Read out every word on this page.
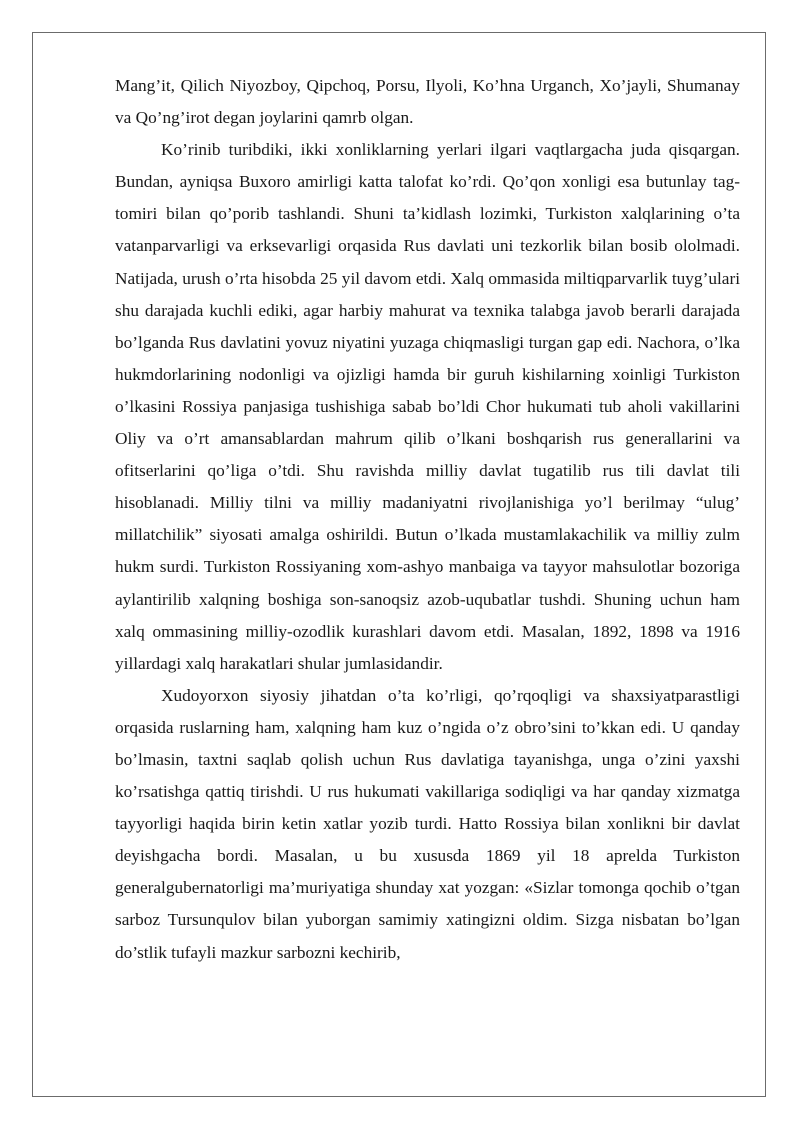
Mang’it, Qilich Niyozboy, Qipchoq, Porsu, Ilyoli, Ko’hna Urganch, Xo’jayli, Shumanay va Qo’ng’irot degan joylarini qamrb olgan.

Ko’rinib turibdiki, ikki xonliklarning yerlari ilgari vaqtlargacha juda qisqargan. Bundan, ayniqsa Buxoro amirligi katta talofat ko’rdi. Qo’qon xonligi esa butunlay tag-tomiri bilan qo’porib tashlandi. Shuni ta’kidlash lozimki, Turkiston xalqlarining o’ta vatanparvarligi va erksevarligi orqasida Rus davlati uni tezkorlik bilan bosib ololmadi. Natijada, urush o’rta hisobda 25 yil davom etdi. Xalq ommasida miltiqparvarlik tuyg’ulari shu darajada kuchli ediki, agar harbiy mahurat va texnika talabga javob berarli darajada bo’lganda Rus davlatini yovuz niyatini yuzaga chiqmasligi turgan gap edi. Nachora, o’lka hukmdorlarining nodonligi va ojizligi hamda bir guruh kishilarning xoinligi Turkiston o’lkasini Rossiya panjasiga tushishiga sabab bo’ldi Chor hukumati tub aholi vakillarini Oliy va o’rt amansablardan mahrum qilib o’lkani boshqarish rus generallarini va ofitserlarini qo’liga o’tdi. Shu ravishda milliy davlat tugatilib rus tili davlat tili hisoblanadi. Milliy tilni va milliy madaniyatni rivojlanishiga yo’l berilmay “ulug’ millatchilik” siyosati amalga oshirildi. Butun o’lkada mustamlakachilik va milliy zulm hukm surdi. Turkiston Rossiyaning xom-ashyo manbaiga va tayyor mahsulotlar bozoriga aylantirilib xalqning boshiga son-sanoqsiz azob-uqubatlar tushdi. Shuning uchun ham xalq ommasining milliy-ozodlik kurashlari davom etdi. Masalan, 1892, 1898 va 1916 yillardagi xalq harakatlari shular jumlasidandir.

Xudoyorxon siyosiy jihatdan o’ta ko’rligi, qo’rqoqligi va shaxsiyatparastligi orqasida ruslarning ham, xalqning ham kuz o’ngida o’z obro’sini to’kkan edi. U qanday bo’lmasin, taxtni saqlab qolish uchun Rus davlatiga tayanishga, unga o’zini yaxshi ko’rsatishga qattiq tirishdi. U rus hukumati vakillariga sodiqligi va har qanday xizmatga tayyorligi haqida birin ketin xatlar yozib turdi. Hatto Rossiya bilan xonlikni bir davlat deyishgacha bordi. Masalan, u bu xususda 1869 yil 18 aprelda Turkiston generalgubernatorligi ma’muriyatiga shunday xat yozgan: «Sizlar tomonga qochib o’tgan sarboz Tursunqulov bilan yuborgan samimiy xatingizni oldim. Sizga nisbatan bo’lgan do’stlik tufayli mazkur sarbozni kechirib,
